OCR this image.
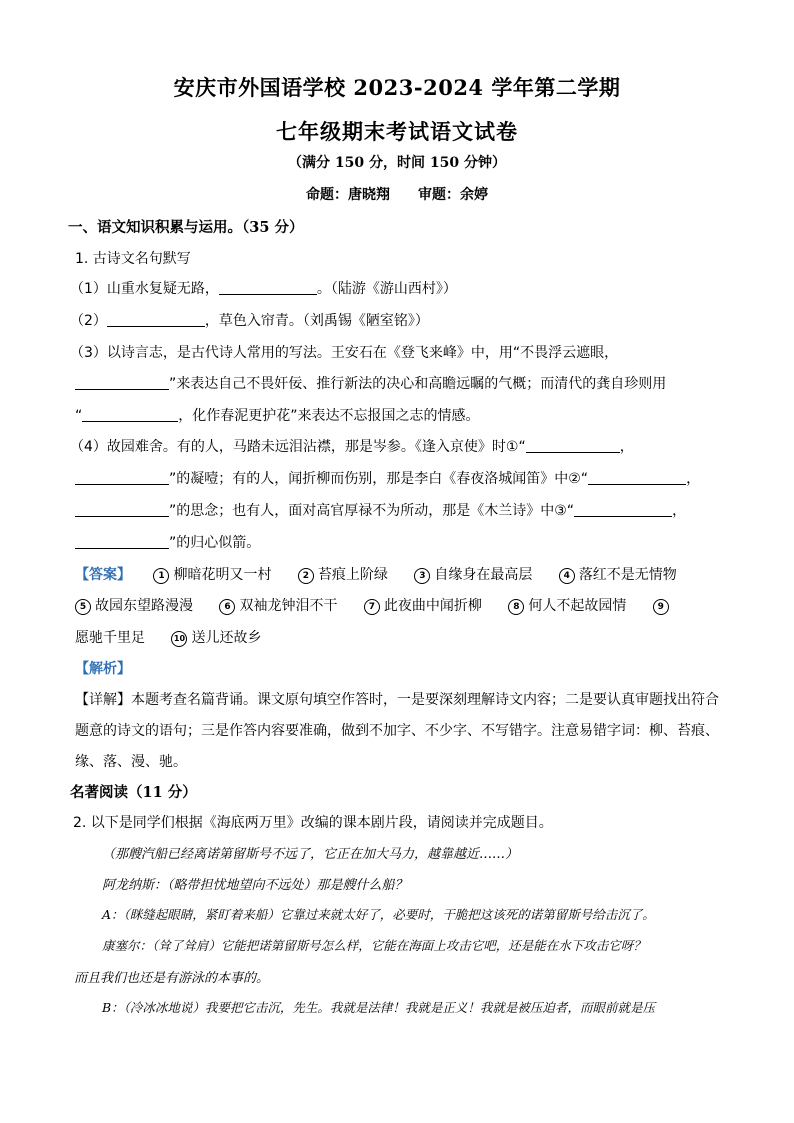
安庆市外国语学校 2023-2024 学年第二学期
七年级期末考试语文试卷
（满分 150 分，时间 150 分钟）
命题：唐晓翔　　审题：余婷
一、语文知识积累与运用。（35 分）
1. 古诗文名句默写
（1）山重水复疑无路，	。（陆游《游山西村》）
（2）	，草色入帘青。（刘禹锡《陋室铭》）
（3）以诗言志，是古代诗人常用的写法。王安石在《登飞来峰》中，用“不畏浮云遮眼，
”来表达自己不畏奸佞、推行新法的决心和高瞻远瞩的气概；而清代的龚自珍则用
“	，化作春泥更护花”来表达不忘报国之志的情感。
（4）故园难舍。有的人，马踏未远泪沾襟，那是岑参。《逢入京使》时①“	，
”的凝噎；有的人，闻折柳而伤别，那是李白《春夜洛城闻笛》中②“	，
”的思念；也有人，面对高官厚禄不为所动，那是《木兰诗》中③“	，
”的归心似箭。
【答案】	1 柳暗花明又一村	2 苔痕上阶绿	3 自缘身在最高层	4 落红不是无情物
5 故园东望路漫漫	6 双袖龙钟泪不干	7 此夜曲中闻折柳	8 何人不起故园情	9
愿驰千里足	10 送儿还故乡
【解析】
【详解】本题考查名篇背诵。课文原句填空作答时，一是要深刻理解诗文内容；二是要认真审题找出符合
题意的诗文的语句；三是作答内容要准确，做到不加字、不少字、不写错字。注意易错字词：柳、苔痕、
缘、落、漫、驰。
名著阅读（11 分）
2. 以下是同学们根据《海底两万里》改编的课本剧片段，请阅读并完成题目。
（那艘汽船已经离诺第留斯号不远了，它正在加大马力，越靠越近……）
阿龙纳斯：（略带担忧地望向不远处）那是艘什么船？
A：（眯缝起眼睛，紧盯着来船）它靠过来就太好了，必要时，干脆把这该死的诺第留斯号给击沉了。
康塞尔：（耸了耸肩）它能把诺第留斯号怎么样，它能在海面上攻击它吧，还是能在水下攻击它呀？
而且我们也还是有游泳的本事的。
B：（冷冰冰地说）我要把它击沉，先生。我就是法律！我就是正义！我就是被压迫者，而眼前就是压
